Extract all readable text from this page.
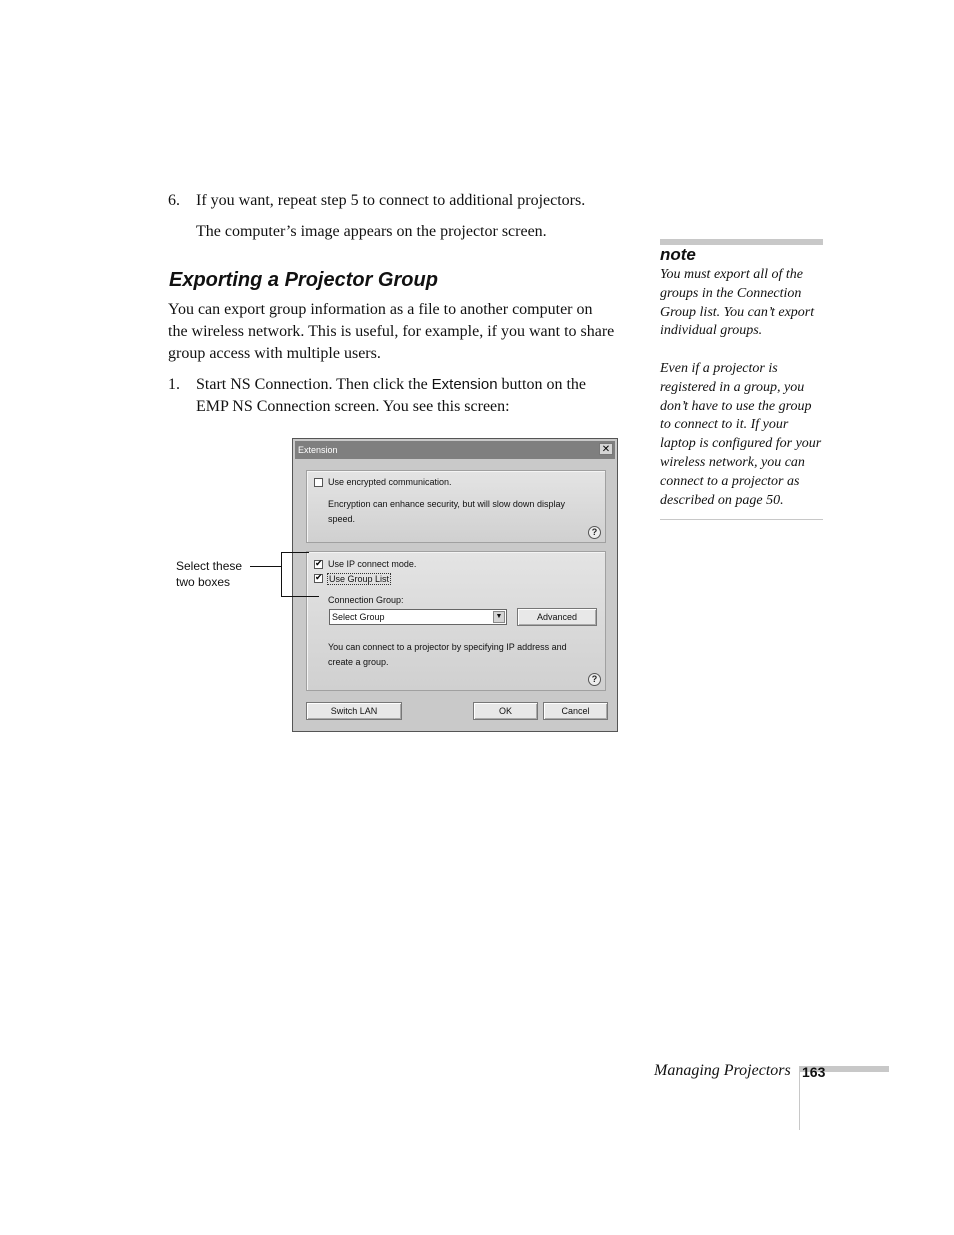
6. If you want, repeat step 5 to connect to additional projectors.
The computer’s image appears on the projector screen.
Exporting a Projector Group
You can export group information as a file to another computer on
the wireless network. This is useful, for example, if you want to share
group access with multiple users.
1. Start NS Connection. Then click the Extension button on the
EMP NS Connection screen. You see this screen:
note
You must export all of the
groups in the Connection
Group list. You can’t export
individual groups.
Even if a projector is
registered in a group, you
don’t have to use the group
to connect to it. If your
laptop is configured for your
wireless network, you can
connect to a projector as
described on page 50.
Extension	✕
Use encrypted communication.
Encryption can enhance security, but will slow down display
speed.
?
✔ Use IP connect mode.
✔ Use Group List
Connection Group:
Select Group	▼	Advanced
You can connect to a projector by specifying IP address and
create a group.
?
Switch LAN	OK	Cancel
Select these
two boxes
Managing Projectors 163
